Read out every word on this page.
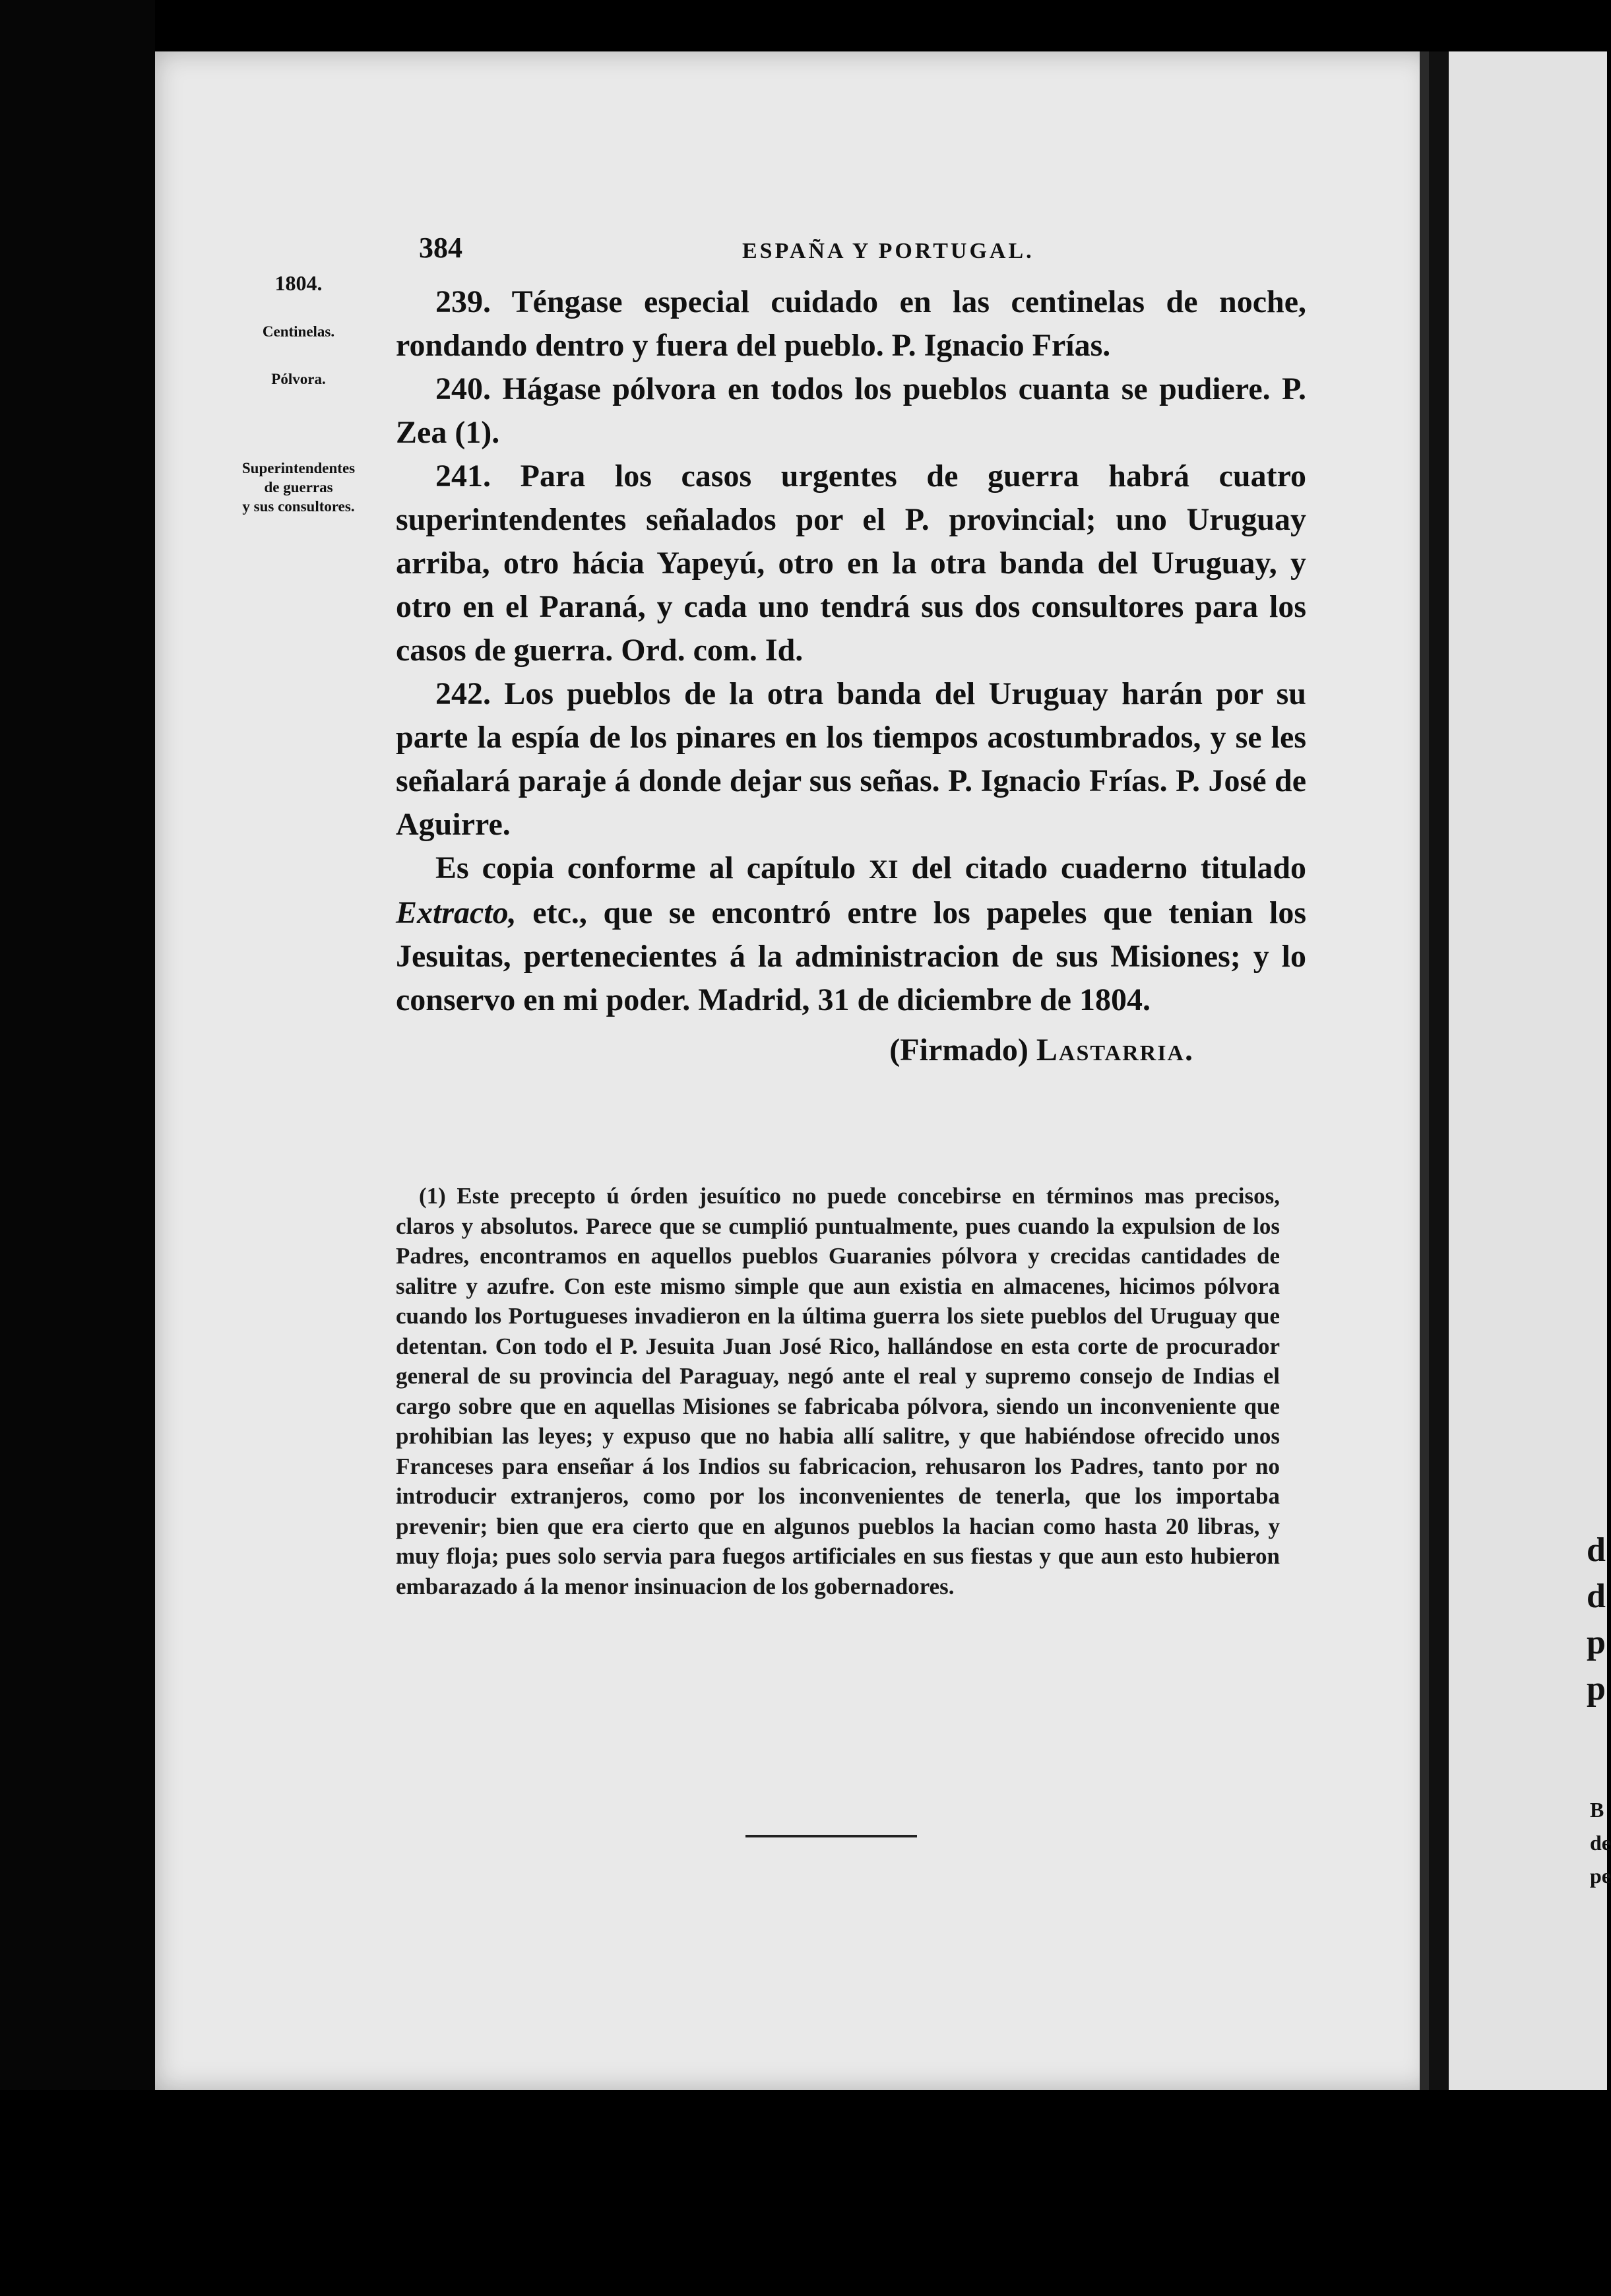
384	ESPAÑA Y PORTUGAL.
1804.
Centinelas.
Pólvora.
Superintendentes
de guerras
y sus consultores.

239. Téngase especial cuidado en las centinelas de noche, rondando dentro y fuera del pueblo. P. Ignacio Frías.

240. Hágase pólvora en todos los pueblos cuanta se pudiere. P. Zea (1).

241. Para los casos urgentes de guerra habrá cuatro superintendentes señalados por el P. provincial; uno Uruguay arriba, otro hácia Yapeyú, otro en la otra banda del Uruguay, y otro en el Paraná, y cada uno tendrá sus dos consultores para los casos de guerra. Ord. com. Id.

242. Los pueblos de la otra banda del Uruguay harán por su parte la espía de los pinares en los tiempos acostumbrados, y se les señalará paraje á donde dejar sus señas. P. Ignacio Frías. P. José de Aguirre.

Es copia conforme al capítulo XI del citado cuaderno titulado Extracto, etc., que se encontró entre los papeles que tenian los Jesuitas, pertenecientes á la administracion de sus Misiones; y lo conservo en mi poder. Madrid, 31 de diciembre de 1804.

(Firmado) Lastarria.

(1) Este precepto ú órden jesuítico no puede concebirse en términos mas precisos, claros y absolutos. Parece que se cumplió puntualmente, pues cuando la expulsion de los Padres, encontramos en aquellos pueblos Guaranies pólvora y crecidas cantidades de salitre y azufre. Con este mismo simple que aun existia en almacenes, hicimos pólvora cuando los Portugueses invadieron en la última guerra los siete pueblos del Uruguay que detentan. Con todo el P. Jesuita Juan José Rico, hallándose en esta corte de procurador general de su provincia del Paraguay, negó ante el real y supremo consejo de Indias el cargo sobre que en aquellas Misiones se fabricaba pólvora, siendo un inconveniente que prohibian las leyes; y expuso que no habia allí salitre, y que habiéndose ofrecido unos Franceses para enseñar á los Indios su fabricacion, rehusaron los Padres, tanto por no introducir extranjeros, como por los inconvenientes de tenerla, que los importaba prevenir; bien que era cierto que en algunos pueblos la hacian como hasta 20 libras, y muy floja; pues solo servia para fuegos artificiales en sus fiestas y que aun esto hubieron embarazado á la menor insinuacion de los gobernadores.

d
d
p
p
B
de
pe
